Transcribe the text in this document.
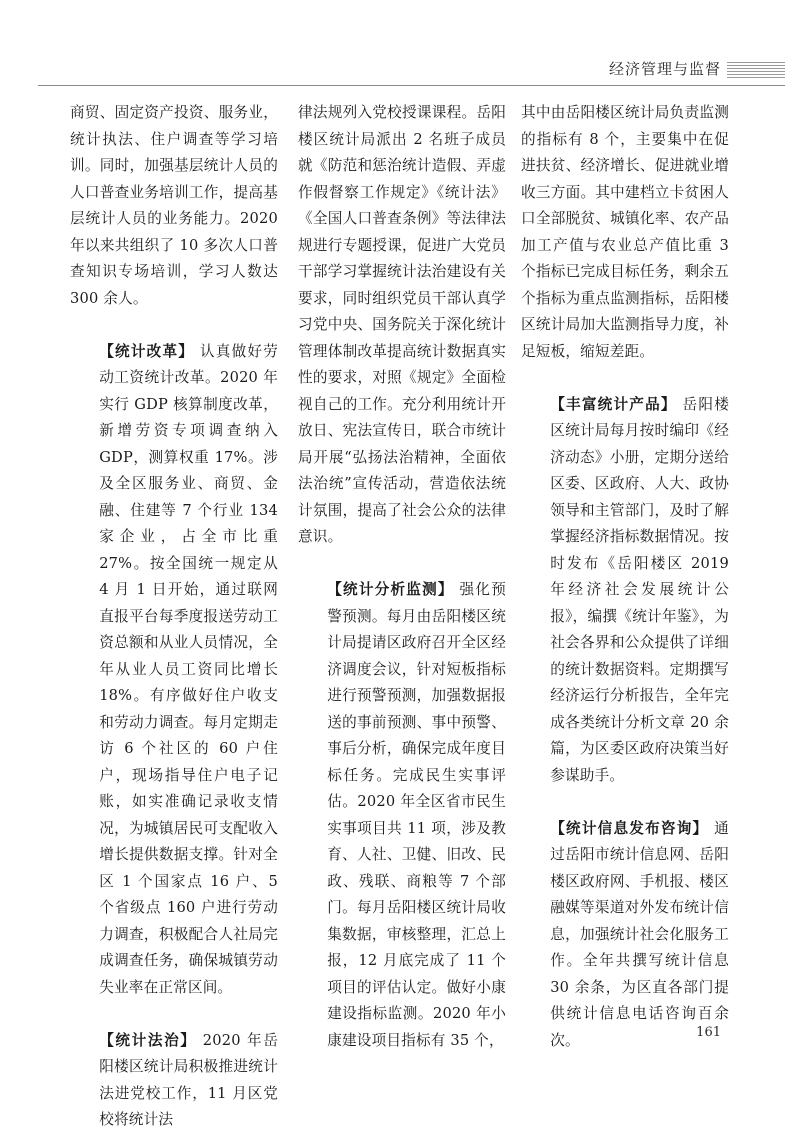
经济管理与监督

商贸、固定资产投资、服务业，统计执法、住户调查等学习培训。同时，加强基层统计人员的人口普查业务培训工作，提高基层统计人员的业务能力。2020 年以来共组织了 10 多次人口普查知识专场培训，学习人数达 300 余人。

【统计改革】 认真做好劳动工资统计改革。2020 年实行 GDP 核算制度改革，新增劳资专项调查纳入 GDP，测算权重 17%。涉及全区服务业、商贸、金融、住建等 7 个行业 134 家企业，占全市比重 27%。按全国统一规定从 4 月 1 日开始，通过联网直报平台每季度报送劳动工资总额和从业人员情况，全年从业人员工资同比增长 18%。有序做好住户收支和劳动力调查。每月定期走访 6 个社区的 60 户住户，现场指导住户电子记账，如实准确记录收支情况，为城镇居民可支配收入增长提供数据支撑。针对全区 1 个国家点 16 户、5 个省级点 160 户进行劳动力调查，积极配合人社局完成调查任务，确保城镇劳动失业率在正常区间。

【统计法治】 2020 年岳阳楼区统计局积极推进统计法进党校工作，11 月区党校将统计法

律法规列入党校授课课程。岳阳楼区统计局派出 2 名班子成员就《防范和惩治统计造假、弄虚作假督察工作规定》《统计法》《全国人口普查条例》等法律法规进行专题授课，促进广大党员干部学习掌握统计法治建设有关要求，同时组织党员干部认真学习党中央、国务院关于深化统计管理体制改革提高统计数据真实性的要求，对照《规定》全面检视自己的工作。充分利用统计开放日、宪法宣传日，联合市统计局开展“弘扬法治精神，全面依法治统”宣传活动，营造依法统计氛围，提高了社会公众的法律意识。

【统计分析监测】 强化预警预测。每月由岳阳楼区统计局提请区政府召开全区经济调度会议，针对短板指标进行预警预测，加强数据报送的事前预测、事中预警、事后分析，确保完成年度目标任务。完成民生实事评估。2020 年全区省市民生实事项目共 11 项，涉及教育、人社、卫健、旧改、民政、残联、商粮等 7 个部门。每月岳阳楼区统计局收集数据，审核整理，汇总上报，12 月底完成了 11 个项目的评估认定。做好小康建设指标监测。2020 年小康建设项目指标有 35 个，

其中由岳阳楼区统计局负责监测的指标有 8 个，主要集中在促进扶贫、经济增长、促进就业增收三方面。其中建档立卡贫困人口全部脱贫、城镇化率、农产品加工产值与农业总产值比重 3 个指标已完成目标任务，剩余五个指标为重点监测指标，岳阳楼区统计局加大监测指导力度，补足短板，缩短差距。

【丰富统计产品】 岳阳楼区统计局每月按时编印《经济动态》小册，定期分送给区委、区政府、人大、政协领导和主管部门，及时了解掌握经济指标数据情况。按时发布《岳阳楼区 2019 年经济社会发展统计公报》，编撰《统计年鉴》，为社会各界和公众提供了详细的统计数据资料。定期撰写经济运行分析报告，全年完成各类统计分析文章 20 余篇，为区委区政府决策当好参谋助手。

【统计信息发布咨询】 通过岳阳市统计信息网、岳阳楼区政府网、手机报、楼区融媒等渠道对外发布统计信息，加强统计社会化服务工作。全年共撰写统计信息 30 余条，为区直各部门提供统计信息电话咨询百余次。	161
